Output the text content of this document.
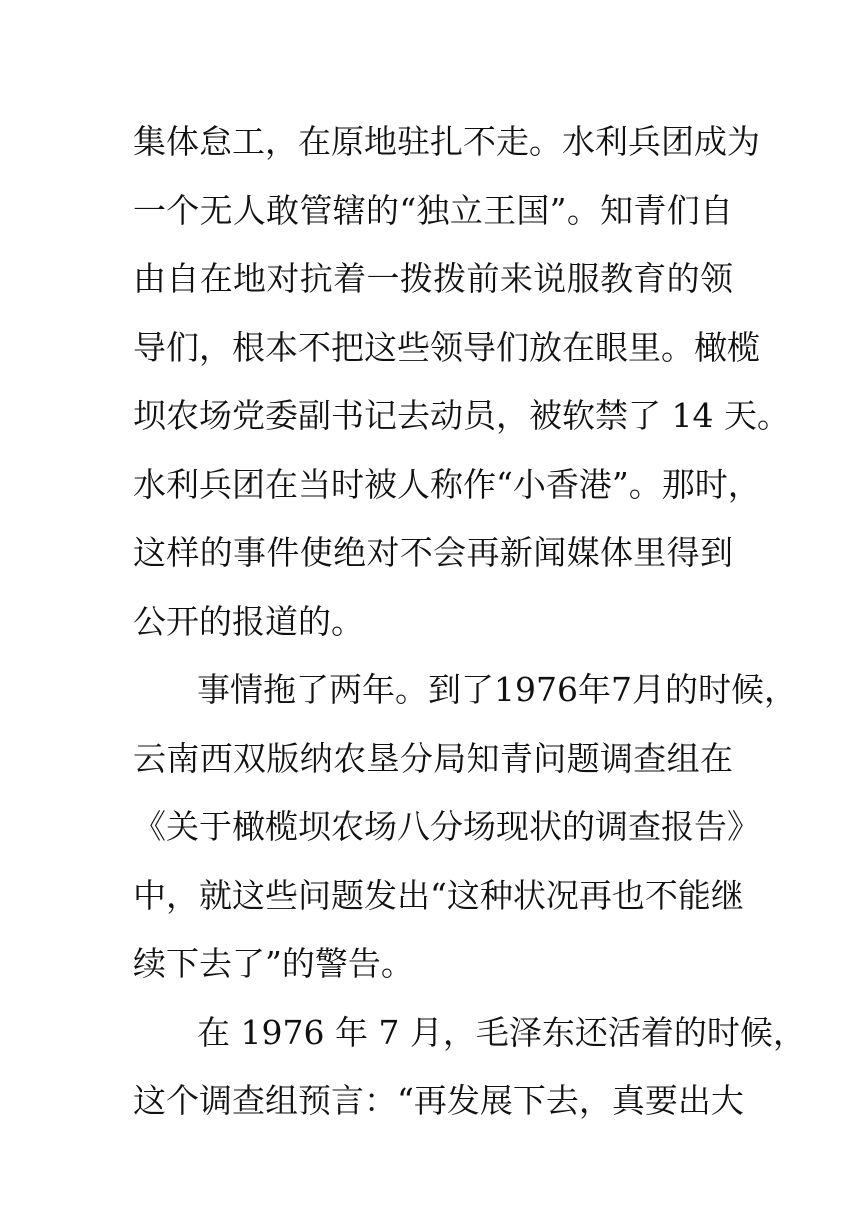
集体怠工，在原地驻扎不走。水利兵团成为
一个无人敢管辖的“独立王国”。知青们自
由自在地对抗着一拨拨前来说服教育的领
导们，根本不把这些领导们放在眼里。橄榄
坝农场党委副书记去动员，被软禁了 14 天。
水利兵团在当时被人称作“小香港”。那时，
这样的事件使绝对不会再新闻媒体里得到
公开的报道的。

事情拖了两年。到了1976年7月的时候，
云南西双版纳农垦分局知青问题调查组在
《关于橄榄坝农场八分场现状的调查报告》
中，就这些问题发出“这种状况再也不能继
续下去了”的警告。

在 1976 年 7 月，毛泽东还活着的时候，
这个调查组预言：“再发展下去，真要出大
